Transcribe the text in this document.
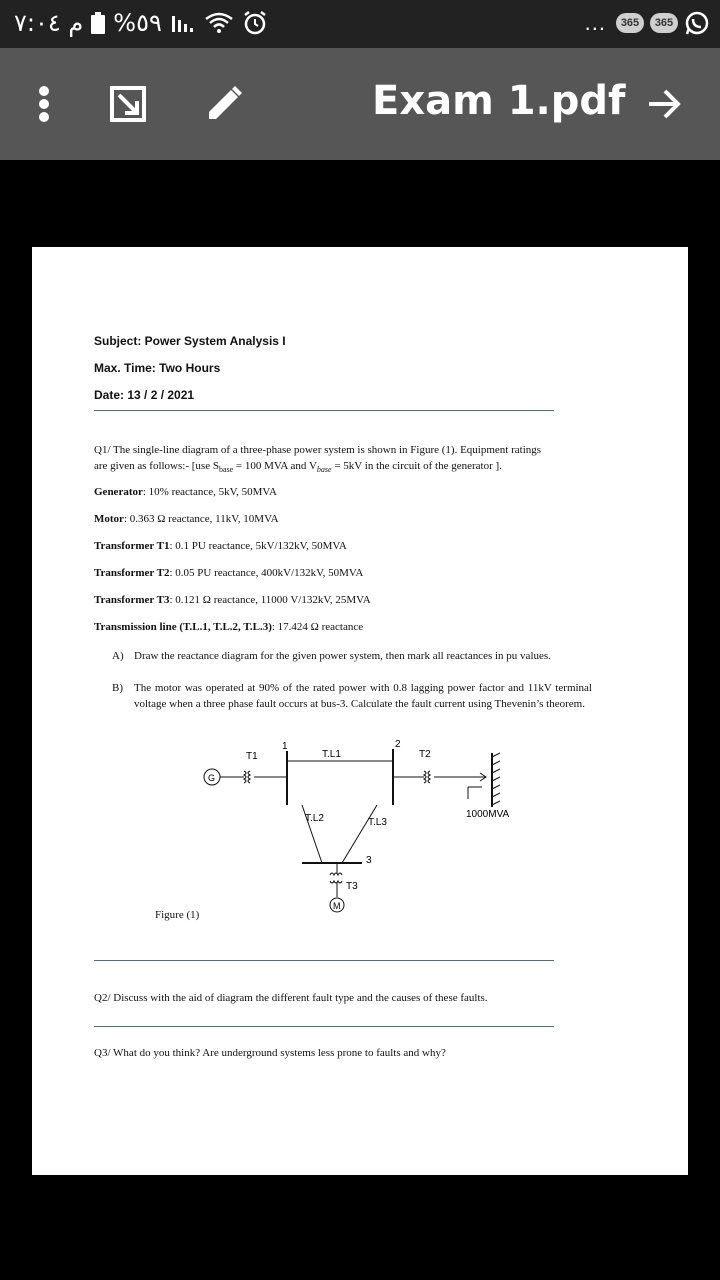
م ٧:٠٤ %٥٩	...	365	365
Exam 1.pdf
Subject: Power System Analysis I
Max. Time: Two Hours
Date: 13 / 2 / 2021
Q1/ The single-line diagram of a three-phase power system is shown in Figure (1). Equipment ratings
are given as follows:- [use $S_{base} = 100$ MVA and $V_{base} = 5kV$ in the circuit of the generator ].
Generator: 10% reactance, 5kV, 50MVA
Motor: 0.363 Ω reactance, 11kV, 10MVA
Transformer T1: 0.1 PU reactance, 5kV/132kV, 50MVA
Transformer T2: 0.05 PU reactance, 400kV/132kV, 50MVA
Transformer T3: 0.121 Ω reactance, 11000 V/132kV, 25MVA
Transmission line (T.L.1, T.L.2, T.L.3): 17.424 Ω reactance
A) Draw the reactance diagram for the given power system, then mark all reactances in pu values.
B) The motor was operated at 90% of the rated power with 0.8 lagging power factor and 11kV terminal voltage when a three phase fault occurs at bus-3. Calculate the fault current using Thevenin’s theorem.
G
T1
1
T.L1
2
T2
1000MVA
T.L2	T.L3
3
T3
M
Figure (1)
Q2/ Discuss with the aid of diagram the different fault type and the causes of these faults.
Q3/ What do you think? Are underground systems less prone to faults and why?
